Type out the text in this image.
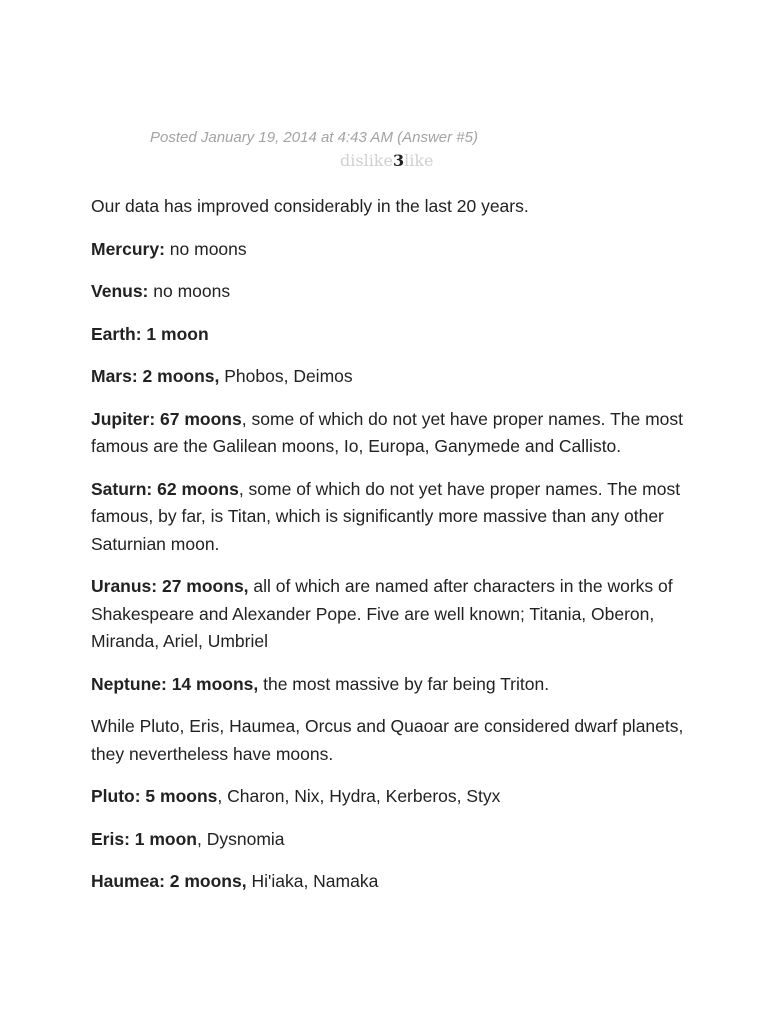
Posted January 19, 2014 at 4:43 AM (Answer #5)
dislike3like

Our data has improved considerably in the last 20 years.

Mercury: no moons

Venus: no moons

Earth: 1 moon

Mars: 2 moons, Phobos, Deimos

Jupiter: 67 moons, some of which do not yet have proper names. The most famous are the Galilean moons, Io, Europa, Ganymede and Callisto.

Saturn: 62 moons, some of which do not yet have proper names. The most famous, by far, is Titan, which is significantly more massive than any other Saturnian moon.

Uranus: 27 moons, all of which are named after characters in the works of Shakespeare and Alexander Pope. Five are well known; Titania, Oberon, Miranda, Ariel, Umbriel

Neptune: 14 moons, the most massive by far being Triton.

While Pluto, Eris, Haumea, Orcus and Quaoar are considered dwarf planets, they nevertheless have moons.

Pluto: 5 moons, Charon, Nix, Hydra, Kerberos, Styx

Eris: 1 moon, Dysnomia

Haumea: 2 moons, Hi'iaka, Namaka
